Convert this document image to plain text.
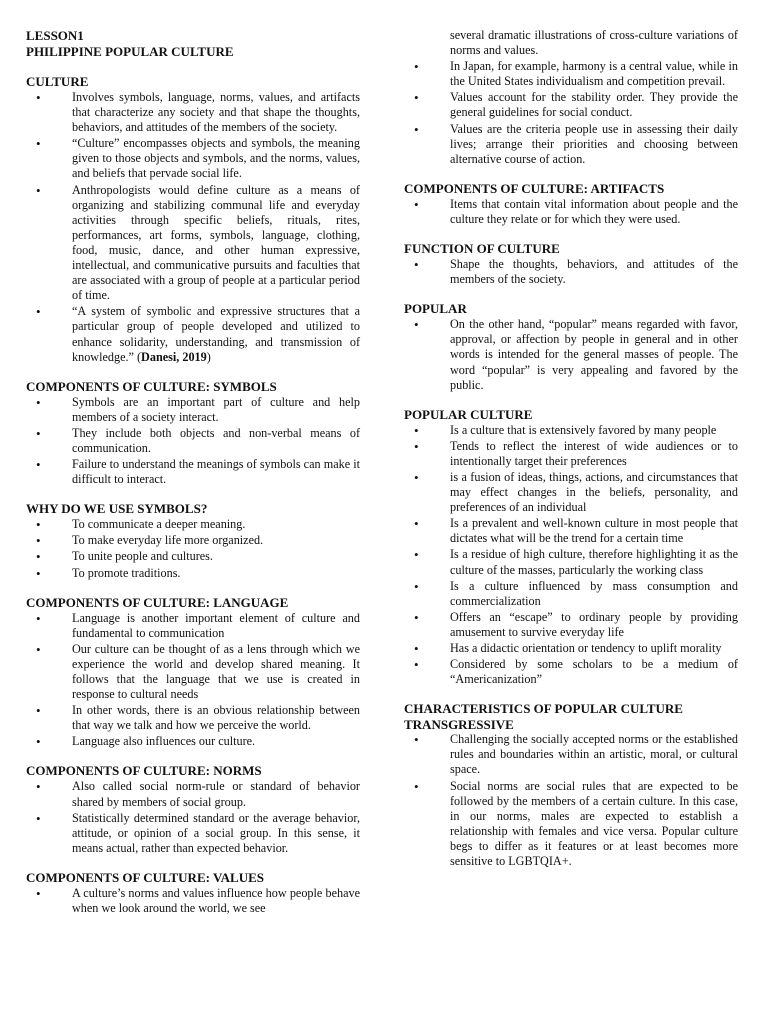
LESSON1

PHILIPPINE POPULAR CULTURE

CULTURE

• Involves symbols, language, norms, values, and artifacts that characterize any society and that shape the thoughts, behaviors, and attitudes of the members of the society.
• “Culture” encompasses objects and symbols, the meaning given to those objects and symbols, and the norms, values, and beliefs that pervade social life.
• Anthropologists would define culture as a means of organizing and stabilizing communal life and everyday activities through specific beliefs, rituals, rites, performances, art forms, symbols, language, clothing, food, music, dance, and other human expressive, intellectual, and communicative pursuits and faculties that are associated with a group of people at a particular period of time.
• “A system of symbolic and expressive structures that a particular group of people developed and utilized to enhance solidarity, understanding, and transmission of knowledge.” (Danesi, 2019)

COMPONENTS OF CULTURE: SYMBOLS

• Symbols are an important part of culture and help members of a society interact.
• They include both objects and non-verbal means of communication.
• Failure to understand the meanings of symbols can make it difficult to interact.

WHY DO WE USE SYMBOLS?

• To communicate a deeper meaning.
• To make everyday life more organized.
• To unite people and cultures.
• To promote traditions.

COMPONENTS OF CULTURE: LANGUAGE

• Language is another important element of culture and fundamental to communication
• Our culture can be thought of as a lens through which we experience the world and develop shared meaning. It follows that the language that we use is created in response to cultural needs
• In other words, there is an obvious relationship between that way we talk and how we perceive the world.
• Language also influences our culture.

COMPONENTS OF CULTURE: NORMS

• Also called social norm-rule or standard of behavior shared by members of social group.
• Statistically determined standard or the average behavior, attitude, or opinion of a social group. In this sense, it means actual, rather than expected behavior.

COMPONENTS OF CULTURE: VALUES

• A culture’s norms and values influence how people behave when we look around the world, we see
several dramatic illustrations of cross-culture variations of norms and values.
• In Japan, for example, harmony is a central value, while in the United States individualism and competition prevail.
• Values account for the stability order. They provide the general guidelines for social conduct.
• Values are the criteria people use in assessing their daily lives; arrange their priorities and choosing between alternative course of action.

COMPONENTS OF CULTURE: ARTIFACTS

• Items that contain vital information about people and the culture they relate or for which they were used.

FUNCTION OF CULTURE

• Shape the thoughts, behaviors, and attitudes of the members of the society.

POPULAR

• On the other hand, “popular” means regarded with favor, approval, or affection by people in general and in other words is intended for the general masses of people. The word “popular” is very appealing and favored by the public.

POPULAR CULTURE

• Is a culture that is extensively favored by many people
• Tends to reflect the interest of wide audiences or to intentionally target their preferences
• is a fusion of ideas, things, actions, and circumstances that may effect changes in the beliefs, personality, and preferences of an individual
• Is a prevalent and well-known culture in most people that dictates what will be the trend for a certain time
• Is a residue of high culture, therefore highlighting it as the culture of the masses, particularly the working class
• Is a culture influenced by mass consumption and commercialization
• Offers an “escape” to ordinary people by providing amusement to survive everyday life
• Has a didactic orientation or tendency to uplift morality
• Considered by some scholars to be a medium of “Americanization”

CHARACTERISTICS OF POPULAR CULTURE

TRANSGRESSIVE

• Challenging the socially accepted norms or the established rules and boundaries within an artistic, moral, or cultural space.
• Social norms are social rules that are expected to be followed by the members of a certain culture. In this case, in our norms, males are expected to establish a relationship with females and vice versa. Popular culture begs to differ as it features or at least becomes more sensitive to LGBTQIA+.
